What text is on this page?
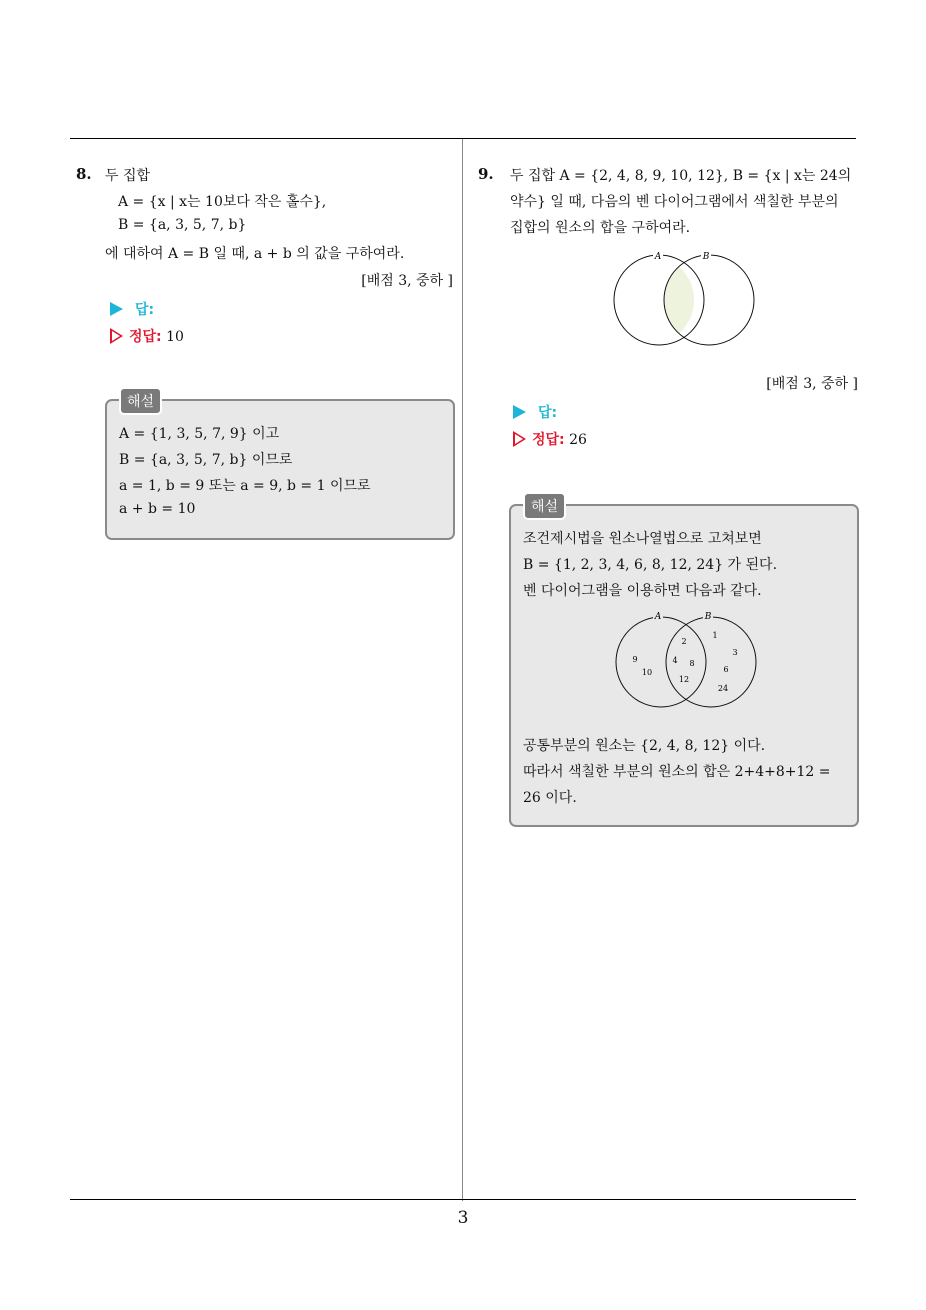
3
8. 두 집합
A = {x | x는 10보다 작은 홀수},
B = {a, 3, 5, 7, b}
에 대하여 A = B 일 때, a + b 의 값을 구하여라.
[배점 3, 중하 ]
답:
정답: 10
해설
A = {1, 3, 5, 7, 9} 이고
B = {a, 3, 5, 7, b} 이므로
a = 1, b = 9 또는 a = 9, b = 1 이므로
a + b = 10
9. 두 집합 A = {2, 4, 8, 9, 10, 12}, B = {x | x는 24의
약수} 일 때, 다음의 벤 다이어그램에서 색칠한 부분의
집합의 원소의 합을 구하여라.
A	B
[배점 3, 중하 ]
답:
정답: 26
해설
조건제시법을 원소나열법으로 고쳐보면
B = {1, 2, 3, 4, 6, 8, 12, 24} 가 된다.
벤 다이어그램을 이용하면 다음과 같다.
A	B
9
10
2
4 8
12
1
3
6
24
공통부분의 원소는 {2, 4, 8, 12} 이다.
따라서 색칠한 부분의 원소의 합은 2+4+8+12 =
26 이다.
